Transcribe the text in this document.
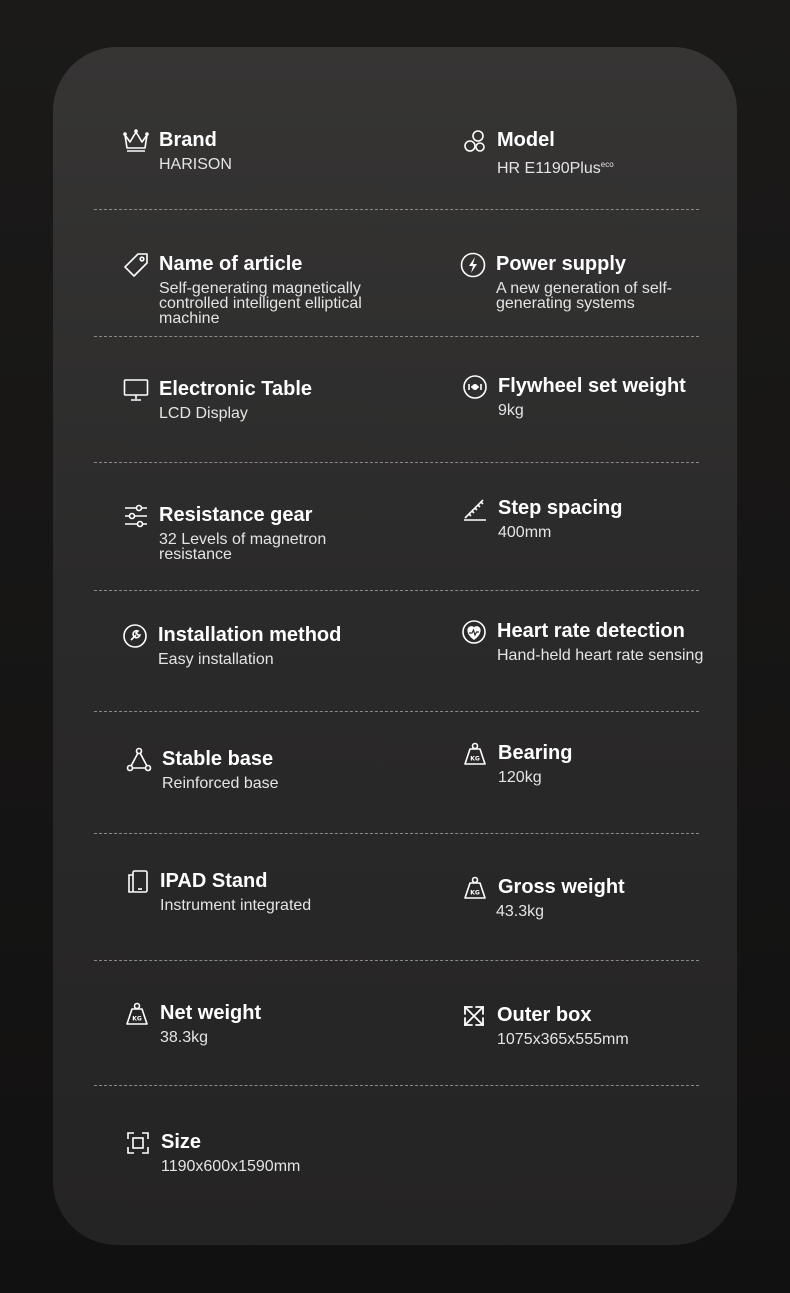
Brand
HARISON
Model
HR E1190Plus$^{eco}$
Name of article
Self-generating magnetically controlled intelligent elliptical machine
Power supply
A new generation of self-generating systems
Electronic Table
LCD Display
Flywheel set weight
9kg
Resistance gear
32 Levels of magnetron resistance
Step spacing
400mm
Installation method
Easy installation
Heart rate detection
Hand-held heart rate sensing
Stable base
Reinforced base
KG Bearing
120kg
IPAD Stand
Instrument integrated
KG Gross weight
43.3kg
KG Net weight
38.3kg
Outer box
1075x365x555mm
Size
1190x600x1590mm
